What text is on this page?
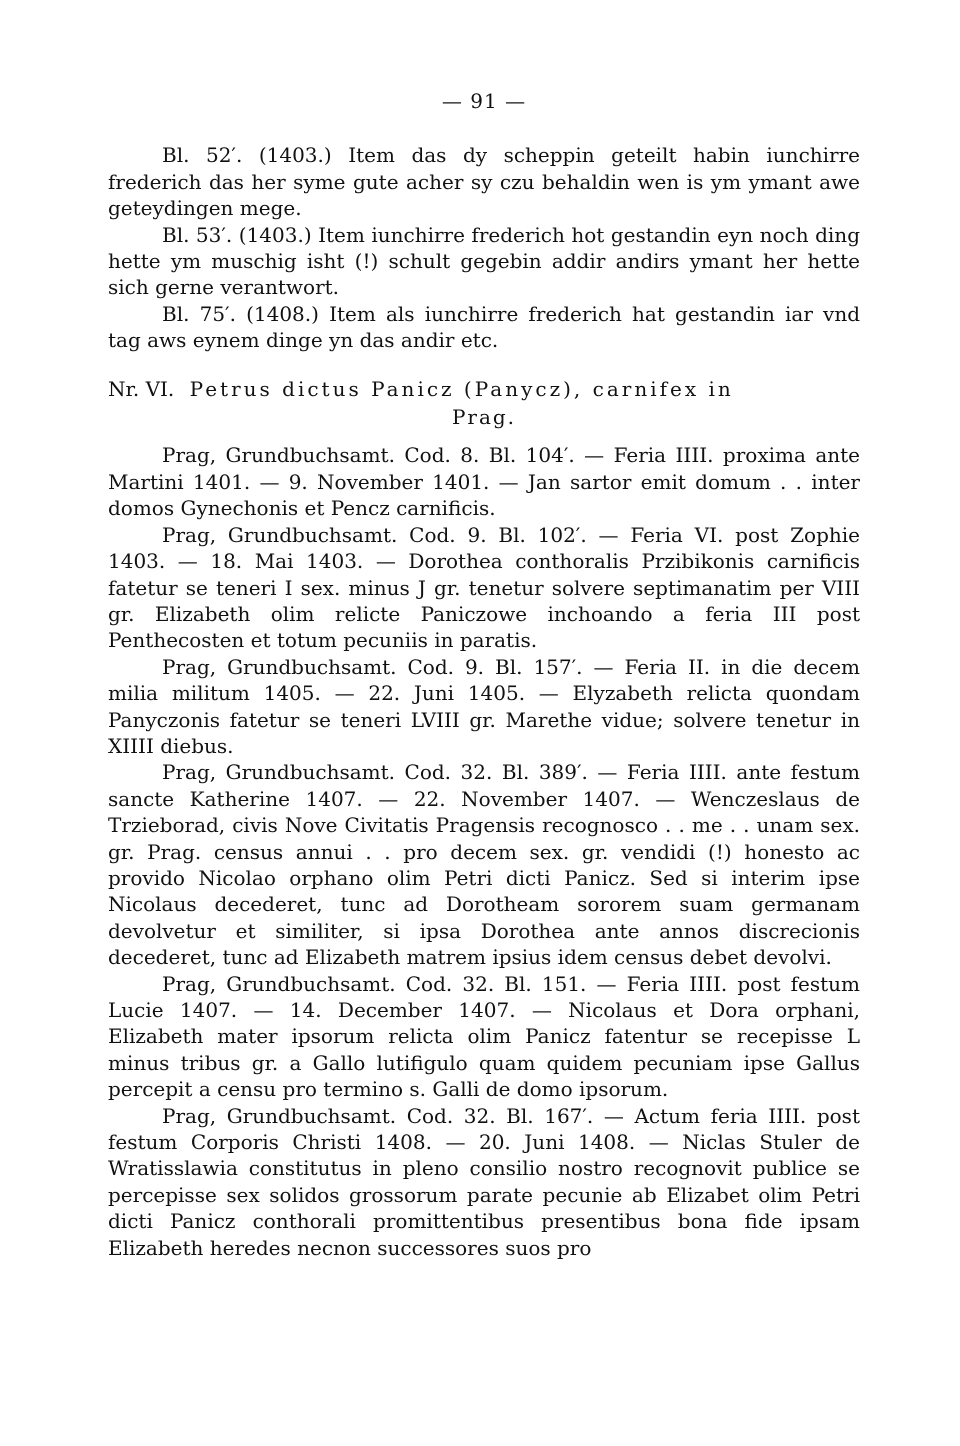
— 91 —

Bl. 52′. (1403.) Item das dy scheppin geteilt habin iunchirre frederich das her syme gute acher sy czu behaldin wen is ym ymant awe geteydingen mege.

Bl. 53′. (1403.) Item iunchirre frederich hot gestandin eyn noch ding hette ym muschig isht (!) schult gegebin addir andirs ymant her hette sich gerne verantwort.

Bl. 75′. (1408.) Item als iunchirre frederich hat gestandin iar vnd tag aws eynem dinge yn das andir etc.

Nr. VI. Petrus dictus Panicz (Panycz), carnifex in

Prag.

Prag, Grundbuchsamt. Cod. 8. Bl. 104′. — Feria IIII. proxima ante Martini 1401. — 9. November 1401. — Jan sartor emit domum . . inter domos Gynechonis et Pencz carnificis.

Prag, Grundbuchsamt. Cod. 9. Bl. 102′. — Feria VI. post Zophie 1403. — 18. Mai 1403. — Dorothea conthoralis Przibikonis carnificis fatetur se teneri I sex. minus J gr. tenetur solvere septimanatim per VIII gr. Elizabeth olim relicte Paniczowe inchoando a feria III post Penthecosten et totum pecuniis in paratis.

Prag, Grundbuchsamt. Cod. 9. Bl. 157′. — Feria II. in die decem milia militum 1405. — 22. Juni 1405. — Elyzabeth relicta quondam Panyczonis fatetur se teneri LVIII gr. Marethe vidue; solvere tenetur in XIIII diebus.

Prag, Grundbuchsamt. Cod. 32. Bl. 389′. — Feria IIII. ante festum sancte Katherine 1407. — 22. November 1407. — Wenczeslaus de Trzieborad, civis Nove Civitatis Pragensis recognosco . . me . . unam sex. gr. Prag. census annui . . pro decem sex. gr. vendidi (!) honesto ac provido Nicolao orphano olim Petri dicti Panicz. Sed si interim ipse Nicolaus decederet, tunc ad Dorotheam sororem suam germanam devolvetur et similiter, si ipsa Dorothea ante annos discrecionis decederet, tunc ad Elizabeth matrem ipsius idem census debet devolvi.

Prag, Grundbuchsamt. Cod. 32. Bl. 151. — Feria IIII. post festum Lucie 1407. — 14. December 1407. — Nicolaus et Dora orphani, Elizabeth mater ipsorum relicta olim Panicz fatentur se recepisse L minus tribus gr. a Gallo lutifigulo quam quidem pecuniam ipse Gallus percepit a censu pro termino s. Galli de domo ipsorum.

Prag, Grundbuchsamt. Cod. 32. Bl. 167′. — Actum feria IIII. post festum Corporis Christi 1408. — 20. Juni 1408. — Niclas Stuler de Wratisslawia constitutus in pleno consilio nostro recognovit publice se percepisse sex solidos grossorum parate pecunie ab Elizabet olim Petri dicti Panicz conthorali promittentibus presentibus bona fide ipsam Elizabeth heredes necnon successores suos pro
